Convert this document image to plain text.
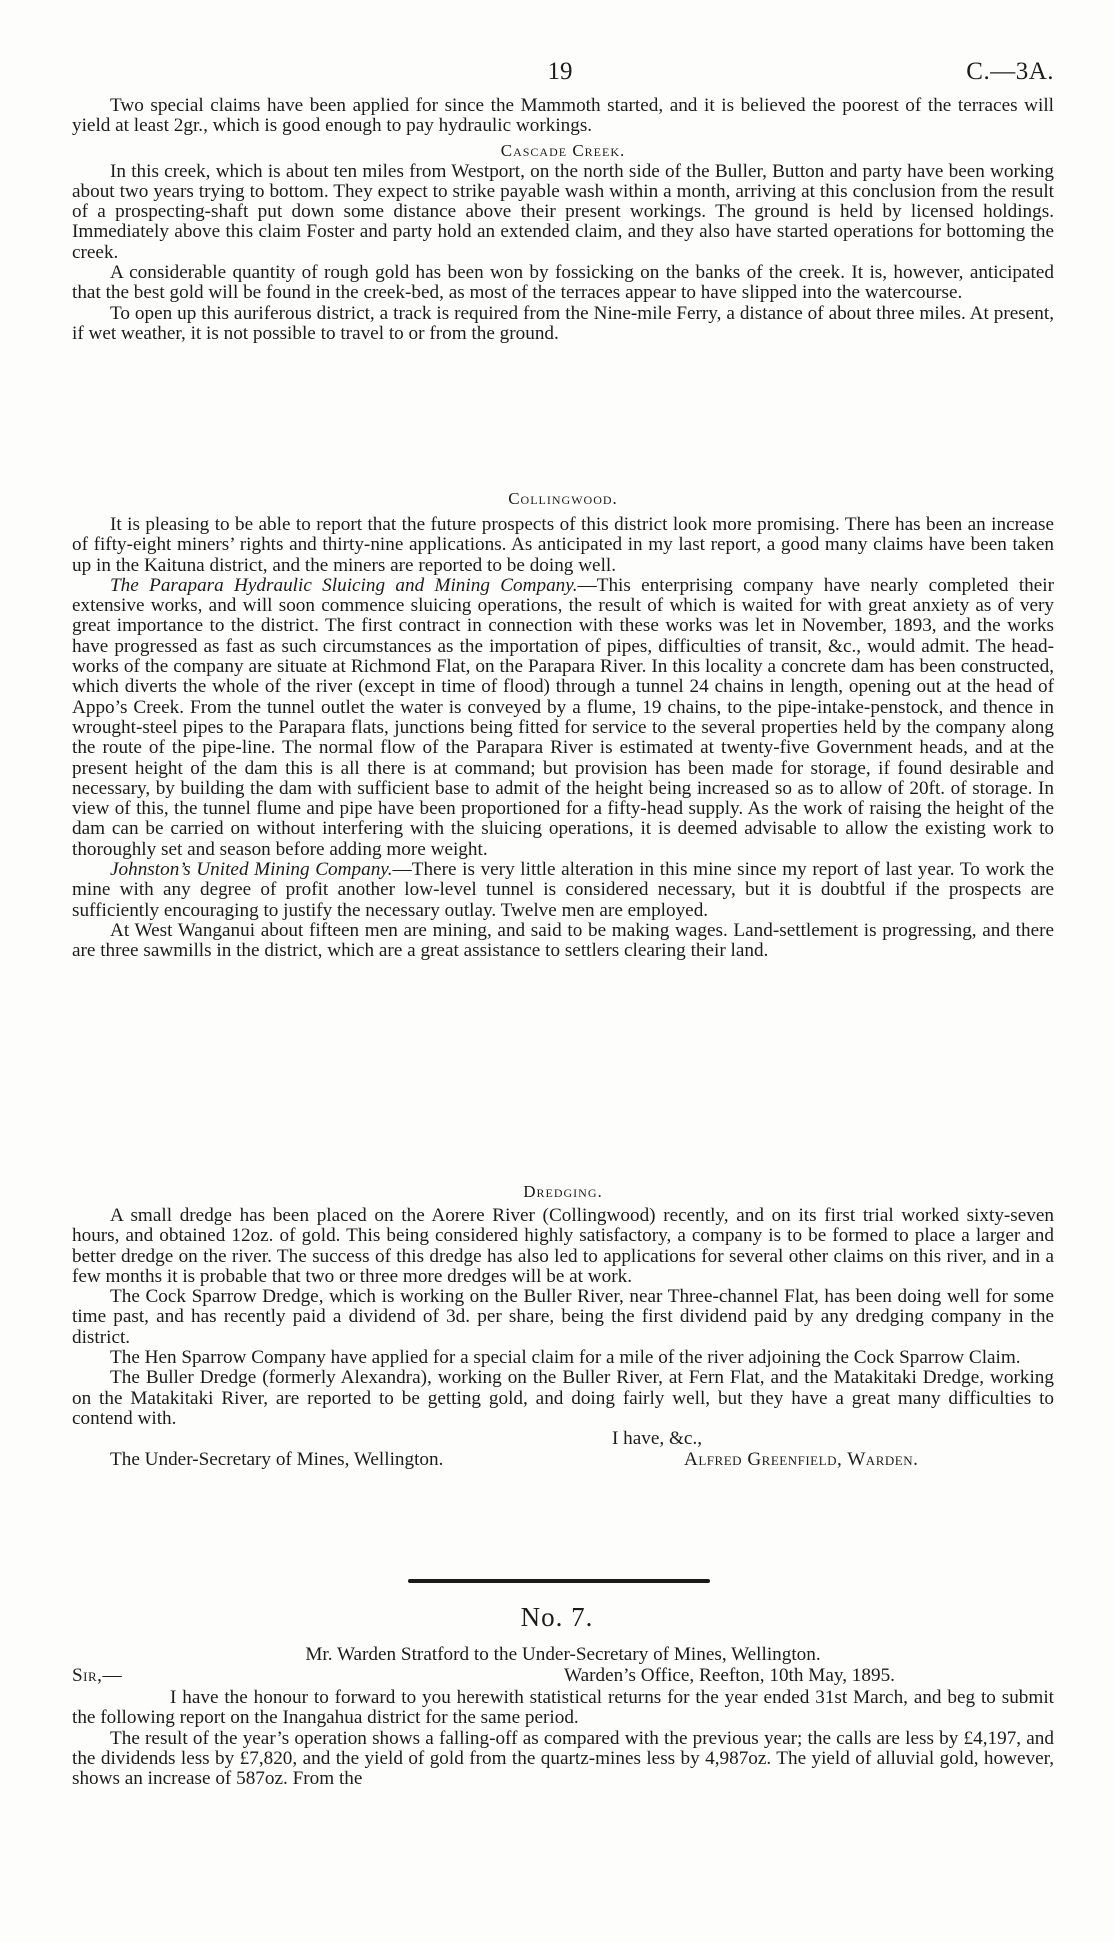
19	C.—3A.

Two special claims have been applied for since the Mammoth started, and it is believed the poorest of the terraces will yield at least 2gr., which is good enough to pay hydraulic workings.

Cascade Creek.

In this creek, which is about ten miles from Westport, on the north side of the Buller, Button and party have been working about two years trying to bottom. They expect to strike payable wash within a month, arriving at this conclusion from the result of a prospecting-shaft put down some distance above their present workings. The ground is held by licensed holdings. Immediately above this claim Foster and party hold an extended claim, and they also have started operations for bottoming the creek.

A considerable quantity of rough gold has been won by fossicking on the banks of the creek. It is, however, anticipated that the best gold will be found in the creek-bed, as most of the terraces appear to have slipped into the watercourse.

To open up this auriferous district, a track is required from the Nine-mile Ferry, a distance of about three miles. At present, if wet weather, it is not possible to travel to or from the ground.

Collingwood.

It is pleasing to be able to report that the future prospects of this district look more promising. There has been an increase of fifty-eight miners’ rights and thirty-nine applications. As anticipated in my last report, a good many claims have been taken up in the Kaituna district, and the miners are reported to be doing well.

The Parapara Hydraulic Sluicing and Mining Company.—This enterprising company have nearly completed their extensive works, and will soon commence sluicing operations, the result of which is waited for with great anxiety as of very great importance to the district. The first contract in connection with these works was let in November, 1893, and the works have progressed as fast as such circumstances as the importation of pipes, difficulties of transit, &c., would admit. The head-works of the company are situate at Richmond Flat, on the Parapara River. In this locality a concrete dam has been constructed, which diverts the whole of the river (except in time of flood) through a tunnel 24 chains in length, opening out at the head of Appo’s Creek. From the tunnel outlet the water is conveyed by a flume, 19 chains, to the pipe-intake-penstock, and thence in wrought-steel pipes to the Parapara flats, junctions being fitted for service to the several properties held by the company along the route of the pipe-line. The normal flow of the Parapara River is estimated at twenty-five Government heads, and at the present height of the dam this is all there is at command; but provision has been made for storage, if found desirable and necessary, by building the dam with sufficient base to admit of the height being increased so as to allow of 20ft. of storage. In view of this, the tunnel flume and pipe have been proportioned for a fifty-head supply. As the work of raising the height of the dam can be carried on without interfering with the sluicing operations, it is deemed advisable to allow the existing work to thoroughly set and season before adding more weight.

Johnston’s United Mining Company.—There is very little alteration in this mine since my report of last year. To work the mine with any degree of profit another low-level tunnel is considered necessary, but it is doubtful if the prospects are sufficiently encouraging to justify the necessary outlay. Twelve men are employed.

At West Wanganui about fifteen men are mining, and said to be making wages. Land-settlement is progressing, and there are three sawmills in the district, which are a great assistance to settlers clearing their land.

Dredging.

A small dredge has been placed on the Aorere River (Collingwood) recently, and on its first trial worked sixty-seven hours, and obtained 12oz. of gold. This being considered highly satisfactory, a company is to be formed to place a larger and better dredge on the river. The success of this dredge has also led to applications for several other claims on this river, and in a few months it is probable that two or three more dredges will be at work.

The Cock Sparrow Dredge, which is working on the Buller River, near Three-channel Flat, has been doing well for some time past, and has recently paid a dividend of 3d. per share, being the first dividend paid by any dredging company in the district.

The Hen Sparrow Company have applied for a special claim for a mile of the river adjoining the Cock Sparrow Claim.

The Buller Dredge (formerly Alexandra), working on the Buller River, at Fern Flat, and the Matakitaki Dredge, working on the Matakitaki River, are reported to be getting gold, and doing fairly well, but they have a great many difficulties to contend with.

I have, &c.,

The Under-Secretary of Mines, Wellington.	Alfred Greenfield, Warden.
No. 7.

Mr. Warden Stratford to the Under-Secretary of Mines, Wellington.

Sir,—	Warden’s Office, Reefton, 10th May, 1895.

I have the honour to forward to you herewith statistical returns for the year ended 31st March, and beg to submit the following report on the Inangahua district for the same period.

The result of the year’s operation shows a falling-off as compared with the previous year; the calls are less by £4,197, and the dividends less by £7,820, and the yield of gold from the quartz-mines less by 4,987oz. The yield of alluvial gold, however, shows an increase of 587oz. From the
